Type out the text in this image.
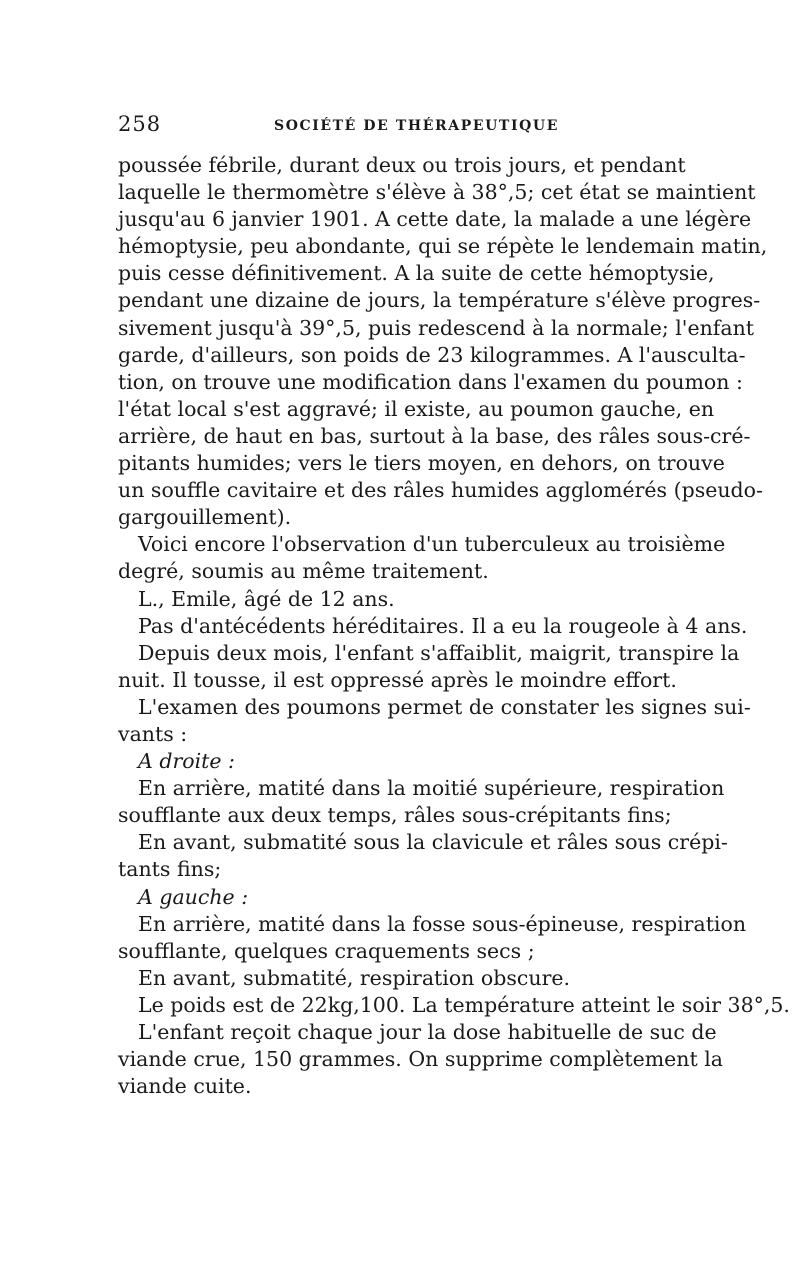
258	SOCIÉTÉ DE THÉRAPEUTIQUE
poussée fébrile, durant deux ou trois jours, et pendant
laquelle le thermomètre s'élève à 38°,5; cet état se maintient
jusqu'au 6 janvier 1901. A cette date, la malade a une légère
hémoptysie, peu abondante, qui se répète le lendemain matin,
puis cesse définitivement. A la suite de cette hémoptysie,
pendant une dizaine de jours, la température s'élève progres-
sivement jusqu'à 39°,5, puis redescend à la normale; l'enfant
garde, d'ailleurs, son poids de 23 kilogrammes. A l'ausculta-
tion, on trouve une modification dans l'examen du poumon :
l'état local s'est aggravé; il existe, au poumon gauche, en
arrière, de haut en bas, surtout à la base, des râles sous-cré-
pitants humides; vers le tiers moyen, en dehors, on trouve
un souffle cavitaire et des râles humides agglomérés (pseudo-
gargouillement).
Voici encore l'observation d'un tuberculeux au troisième
degré, soumis au même traitement.
L., Emile, âgé de 12 ans.
Pas d'antécédents héréditaires. Il a eu la rougeole à 4 ans.
Depuis deux mois, l'enfant s'affaiblit, maigrit, transpire la
nuit. Il tousse, il est oppressé après le moindre effort.
L'examen des poumons permet de constater les signes sui-
vants :
A droite :
En arrière, matité dans la moitié supérieure, respiration
soufflante aux deux temps, râles sous-crépitants fins;
En avant, submatité sous la clavicule et râles sous crépi-
tants fins;
A gauche :
En arrière, matité dans la fosse sous-épineuse, respiration
soufflante, quelques craquements secs ;
En avant, submatité, respiration obscure.
Le poids est de 22kg,100. La température atteint le soir 38°,5.
L'enfant reçoit chaque jour la dose habituelle de suc de
viande crue, 150 grammes. On supprime complètement la
viande cuite.
